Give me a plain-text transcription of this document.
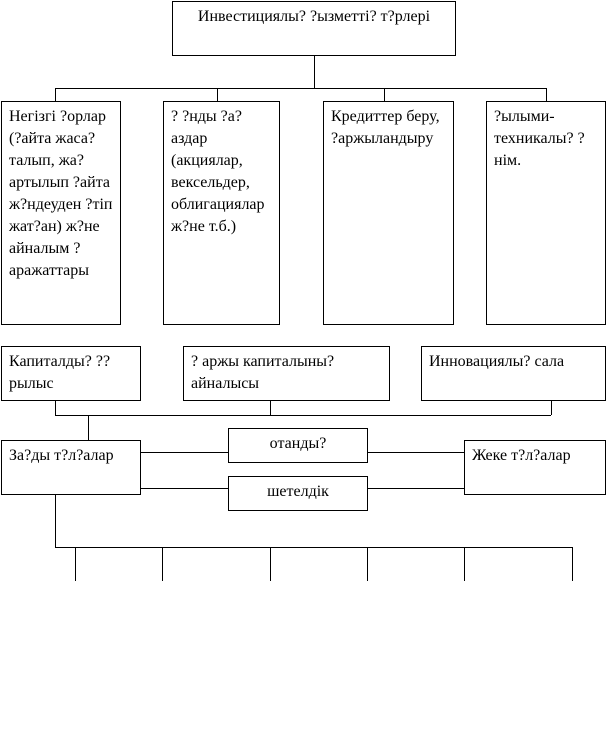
Инвестициялы? ?ызметті? т?рлері
Негізгі ?орлар (?айта жаса?талып, жа?артылып ?айта ж?ндеуден ?тіп жат?ан) ж?не айналым ?аражаттары
? ?нды ?а?аздар (акциялар, вексельдер, облигациялар ж?не т.б.)
Кредиттер беру, ?аржыландыру
?ылыми-техникалы? ?нім.
Капиталды? ??рылыс
? аржы капиталыны? айналысы
Инновациялы? сала
За?ды т?л?алар
отанды?
шетелдік
Жеке т?л?алар
